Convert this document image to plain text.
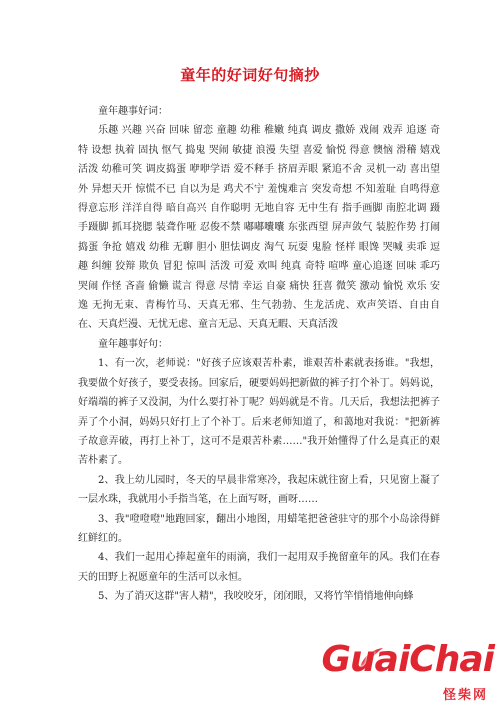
童年的好词好句摘抄

童年趣事好词：

乐趣 兴趣 兴奋 回味 留恋 童趣 幼稚 稚嫩 纯真 调皮 撒娇 戏闹 戏弄 追逐 奇特 设想 执着 固执 怄气 捣鬼 哭闹 敏捷 浪漫 失望 喜爱 愉悦 得意 懊恼 滑稽 嬉戏 活泼 幼稚可笑 调皮捣蛋 咿咿学语 爱不释手 挤眉弄眼 紧追不舍 灵机一动 喜出望外 异想天开 惊慌不已 自以为是 鸡犬不宁 羞愧难言 突发奇想 不知羞耻 自鸣得意 得意忘形 洋洋自得 暗自高兴 自作聪明 无地自容 无中生有 指手画脚 南腔北调 蹑手蹑脚 抓耳挠腮 装聋作哑 忍俊不禁 嘟嘟囔囔 东张西望 屏声敛气 装腔作势 打闹 捣蛋 争抢 嬉戏 幼稚 无聊 胆小 胆怯调皮 淘气 玩耍 鬼脸 怪样 眼馋 哭喊 卖乖 逗趣 纠缠 狡辩 欺负 冒犯 惊叫 活泼 可爱 欢叫 纯真 奇特 喧哗 童心追逐 回味 乖巧 哭闹 作怪 吝啬 偷懒 谎言 得意 尽情 幸运 自豪 痛快 狂喜 微笑 激动 愉悦 欢乐 安逸 无拘无束、青梅竹马、天真无邪、生气勃勃、生龙活虎、欢声笑语、自由自在、天真烂漫、无忧无虑、童言无忌、天真无暇、天真活泼

童年趣事好句：

1、有一次，老师说："好孩子应该艰苦朴素，谁艰苦朴素就表扬谁。"我想，我要做个好孩子，要受表扬。回家后，硬要妈妈把新做的裤子打个补丁。妈妈说，好端端的裤子又没洞，为什么要打补丁呢？妈妈就是不肯。几天后，我想法把裤子弄了个小洞，妈妈只好打上了个补丁。后来老师知道了，和蔼地对我说："把新裤子故意弄破，再打上补丁，这可不是艰苦朴素……"我开始懂得了什么是真正的艰苦朴素了。

2、我上幼儿园时，冬天的早晨非常寒冷，我起床就往窗上看，只见窗上凝了一层水珠，我就用小手指当笔，在上面写呀，画呀……

3、我"噔噔噔"地跑回家，翻出小地图，用蜡笔把爸爸驻守的那个小岛涂得鲜红鲜红的。

4、我们一起用心捧起童年的雨滴，我们一起用双手挽留童年的风。我们在春天的田野上祝愿童年的生活可以永恒。

5、为了消灭这群"害人精"，我咬咬牙，闭闭眼，又将竹竿悄悄地伸向蜂

GuaiChai
怪柴网
